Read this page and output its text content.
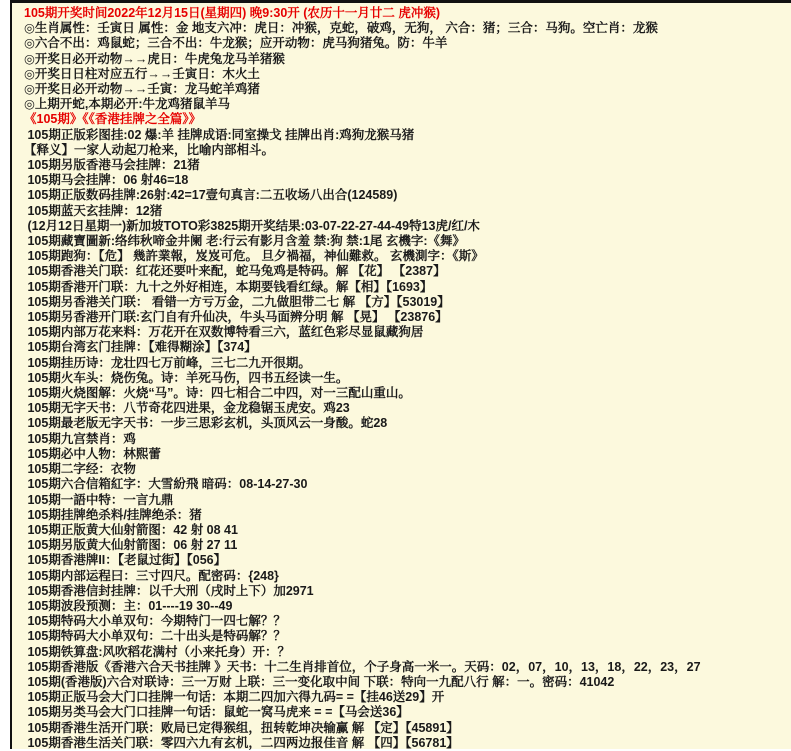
105期开奖时间2022年12月15日(星期四) 晚9:30开 (农历十一月廿二 虎冲猴)
◎生肖属性：壬寅日 属性：金 地支六冲：虎日：冲猴，克蛇，破鸡，无狗， 六合：猪；三合：马狗。空亡肖：龙猴
◎六合不出：鸡鼠蛇；三合不出：牛龙猴；应开动物：虎马狗猪兔。防：牛羊
◎开奖日必开动物→→虎日：牛虎兔龙马羊猪猴
◎开奖日日柱对应五行→→壬寅日：木火土
◎开奖日必开动物→→壬寅：龙马蛇羊鸡猪
◎上期开蛇,本期必开:牛龙鸡猪鼠羊马
《105期》《《香港挂牌之全篇》》
105期正版彩图挂:02 爆:羊 挂牌成语:同室操戈 挂牌出肖:鸡狗龙猴马猪
【释义】一家人动起刀枪来，比喻内部相斗。
105期另版香港马会挂牌：21猪
105期马会挂牌：06 射46=18
105期正版数码挂牌:26射:42=17壹句真言:二五收场八出合(124589)
105期蓝天玄挂牌：12猪
(12月12日星期一)新加坡TOTO彩3825期开奖结果:03-07-22-27-44-49特13虎/红/木
105期藏寶圖新:络纬秋啼金井阑 老:行云有影月含羞 禁:狗 禁:1尾 玄機字:《舞》
105期跑狗：【危】 幾許業報，岌岌可危。 旦夕禍福，神仙難救。 玄機測字：《斯》
105期香港关门联：红花还要叶来配，蛇马兔鸡是特码。解 【花】 【2387】
105期香港开门联：九十之外好相连，本期要钱看红绿。解【相】【1693】
105期另香港关门联： 看错一方亏万金，二九做胆带二七 解 【方】【53019】
105期另香港开门联:玄门自有升仙决，牛头马面辨分明 解 【晃】 【23876】
105期内部万花来料：万花开在双数博特看三六，蓝红色彩尽显鼠藏狗居
105期台湾玄门挂牌：【难得糊涂】【374】
105期挂历诗：龙壮四七万前峰，三七二九开很期。
105期火车头：烧伤兔。诗：羊死马伤，四书五经读一生。
105期火烧图解：火烧“马”。诗：四七相合二中四，对一三配山重山。
105期无字天书：八节奇花四进果，金龙稳锯玉虎安。鸡23
105期最老版无字天书：一步三思彩玄机，头顶风云一身酸。蛇28
105期九宫禁肖：鸡
105期必中人物：林熙蕾
105期二字经：衣物
105期六合信箱紅字：大雪紛飛 暗码：08-14-27-30
105期一語中特：一言九鼎
105期挂牌绝杀料/挂牌绝杀：猪
105期正版黄大仙射箭图：42 射 08 41
105期另版黄大仙射箭图：06 射 27 11
105期香港牌II：【老鼠过街】【056】
105期内部运程曰：三寸四尺。配密码：{248}
105期香港信封挂牌：以千大刑（戌时上下）加2971
105期波段预测：主：01----19 30--49
105期特码大小单双句：今期特门一四七解？？
105期特码大小单双句：二十出头是特码解？？
105期铁算盘:风吹稻花满村（小来托身）开：？
105期香港版《香港六合天书挂牌 》天书：十二生肖排首位，个子身高一米一。天码：02，07，10，13，18，22，23，27
105期(香港版)六合对联诗：三一万财 上联：三一变化取中间 下联：特向一九配八行 解：一。密码：41042
105期正版马会大门口挂牌一句话：本期二四加六得九码= =【挂46送29】开
105期另类马会大门口挂牌一句话：鼠蛇一窝马虎来 = =【马会送36】
105期香港生活开门联：败局已定得猴组，扭转乾坤决输赢 解 【定】【45891】
105期香港生活关门联：零四六九有玄机，二四两边报佳音 解 【四】【56781】
